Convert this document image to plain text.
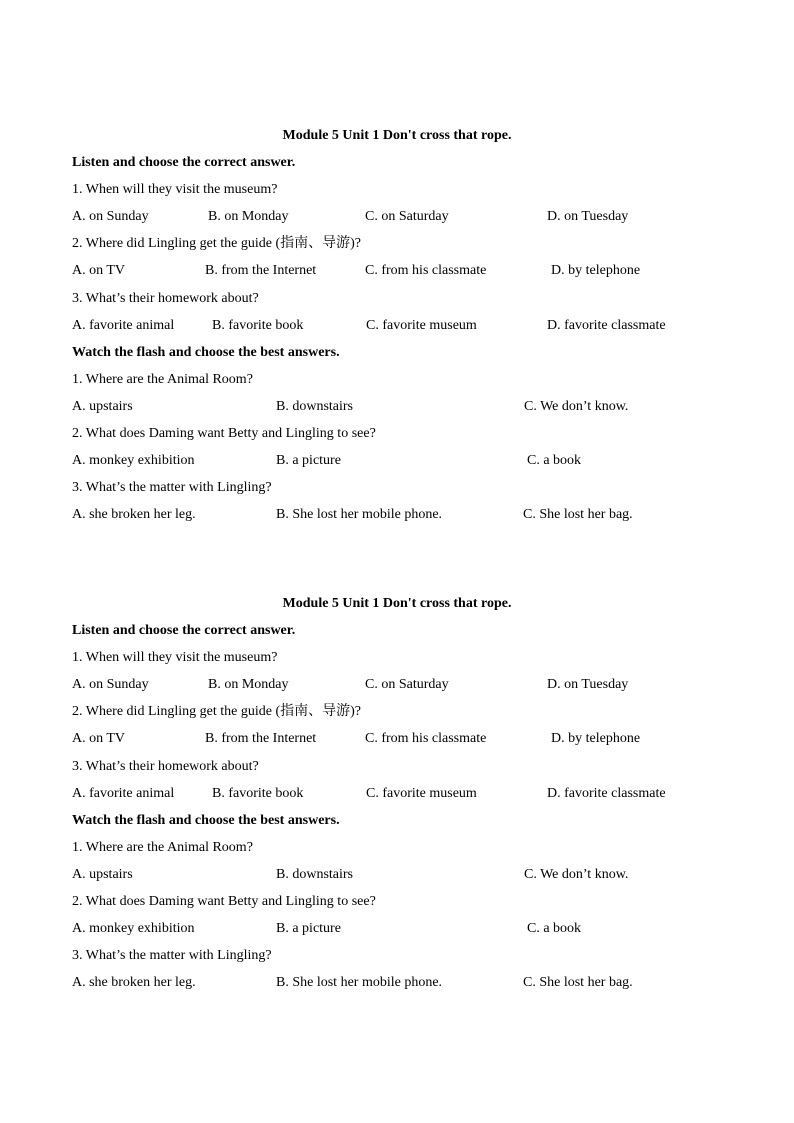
Module 5 Unit 1 Don't cross that rope.
Listen and choose the correct answer.
1. When will they visit the museum?
A. on Sunday	B. on Monday	C. on Saturday	D. on Tuesday
2. Where did Lingling get the guide (指南、导游)?
A. on TV	B. from the Internet	C. from his classmate	D. by telephone
3. What’s their homework about?
A. favorite animal	B. favorite book	C. favorite museum	D. favorite classmate
Watch the flash and choose the best answers.
1. Where are the Animal Room?
A. upstairs	B. downstairs	C. We don’t know.
2. What does Daming want Betty and Lingling to see?
A. monkey exhibition	B. a picture	C. a book
3. What’s the matter with Lingling?
A. she broken her leg.	B. She lost her mobile phone.	C. She lost her bag.
Module 5 Unit 1 Don't cross that rope.
Listen and choose the correct answer.
1. When will they visit the museum?
A. on Sunday	B. on Monday	C. on Saturday	D. on Tuesday
2. Where did Lingling get the guide (指南、导游)?
A. on TV	B. from the Internet	C. from his classmate	D. by telephone
3. What’s their homework about?
A. favorite animal	B. favorite book	C. favorite museum	D. favorite classmate
Watch the flash and choose the best answers.
1. Where are the Animal Room?
A. upstairs	B. downstairs	C. We don’t know.
2. What does Daming want Betty and Lingling to see?
A. monkey exhibition	B. a picture	C. a book
3. What’s the matter with Lingling?
A. she broken her leg.	B. She lost her mobile phone.	C. She lost her bag.
